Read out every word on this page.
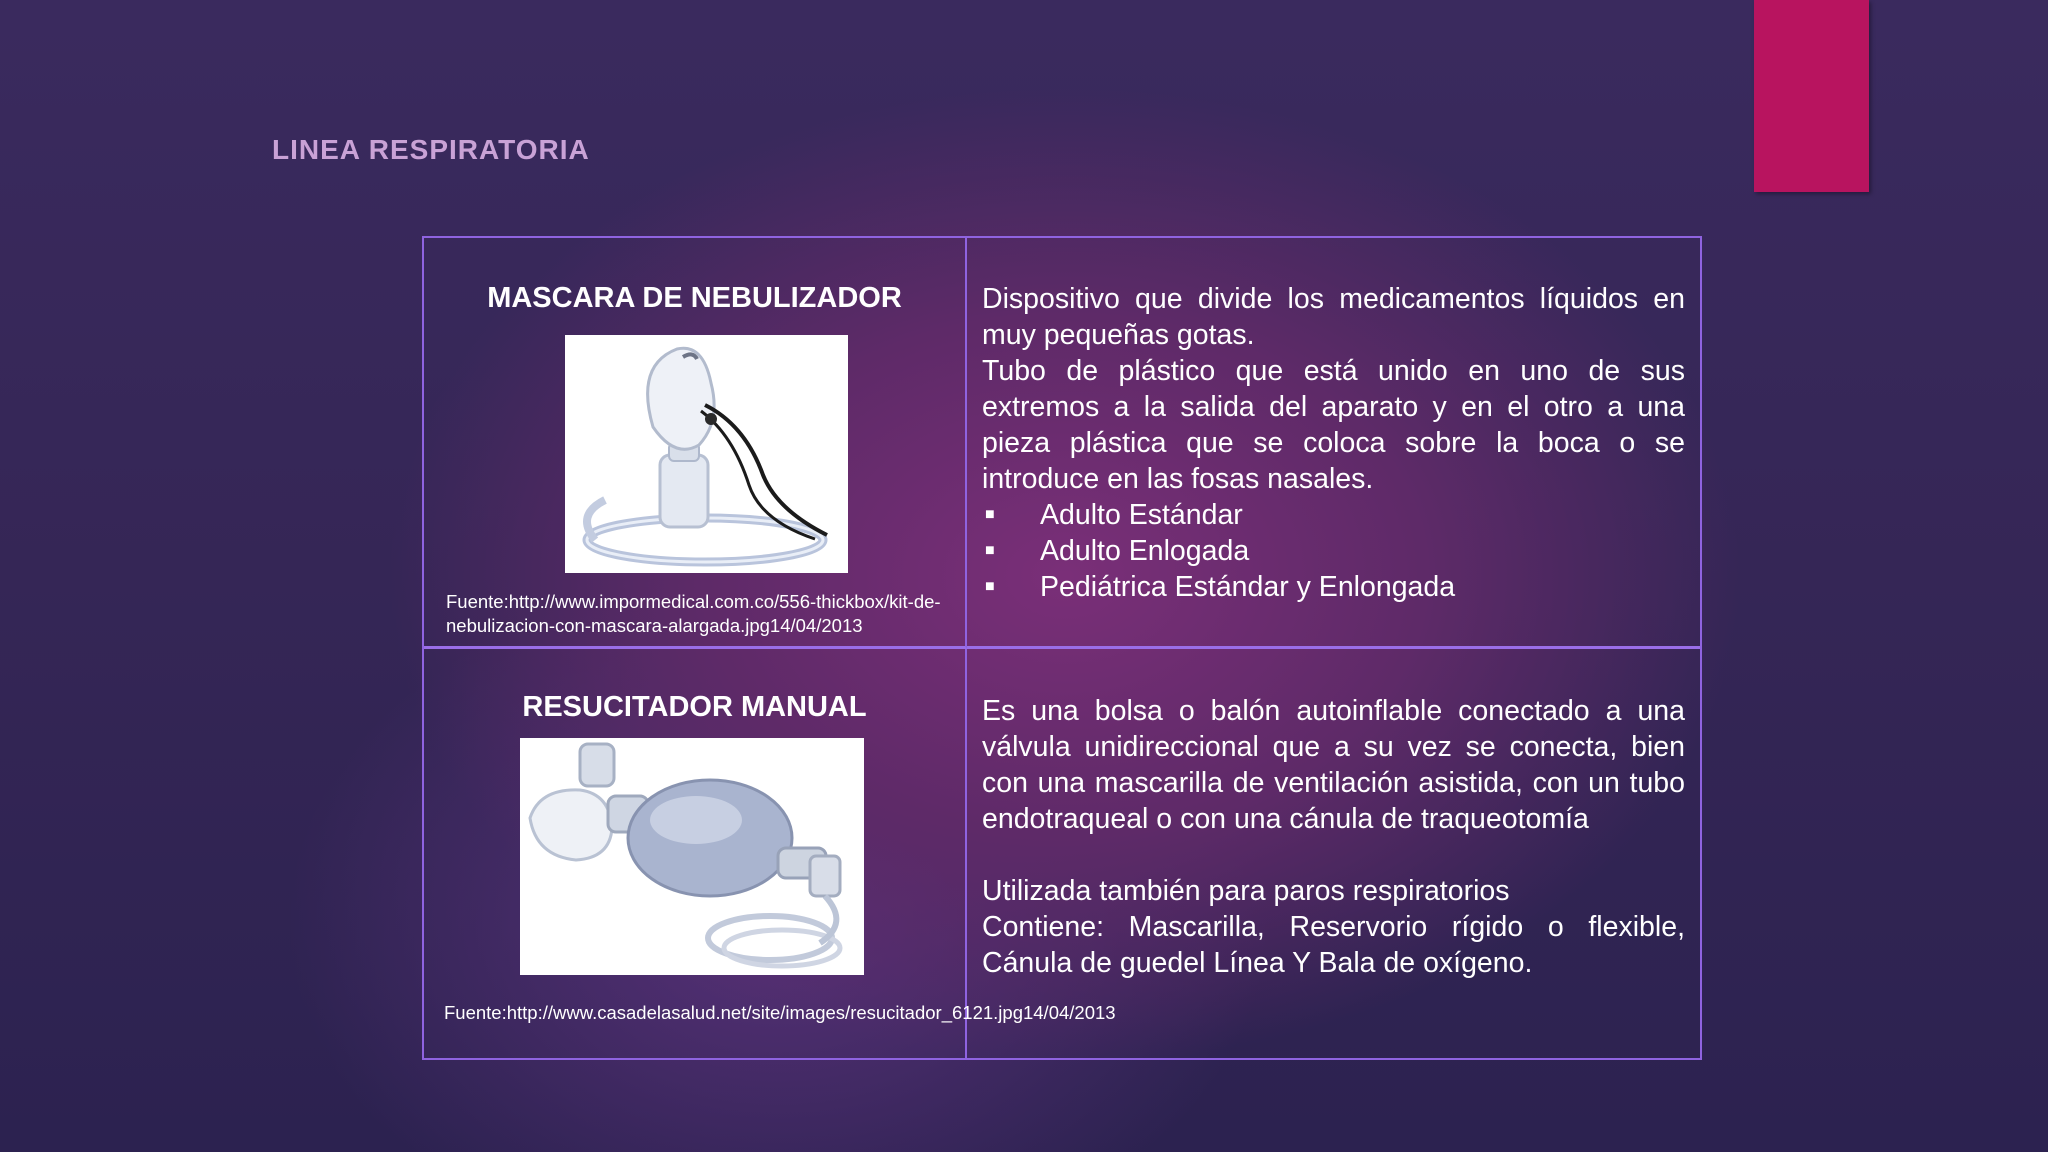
LINEA RESPIRATORIA
MASCARA DE NEBULIZADOR
Fuente:http://www.impormedical.com.co/556-thickbox/kit-de-nebulizacion-con-mascara-alargada.jpg14/04/2013

Dispositivo que divide los medicamentos líquidos en muy pequeñas gotas.

Tubo de plástico que está unido en uno de sus extremos a la salida del aparato y en el otro a una pieza plástica que se coloca sobre la boca o se introduce en las fosas nasales.

■ Adulto Estándar
■ Adulto Enlogada
■ Pediátrica Estándar y Enlongada
RESUCITADOR MANUAL
Fuente:http://www.casadelasalud.net/site/images/resucitador_6121.jpg14/04/2013

Es una bolsa o balón autoinflable conectado a una válvula unidireccional que a su vez se conecta, bien con una mascarilla de ventilación asistida, con un tubo endotraqueal o con una cánula de traqueotomía

Utilizada también para paros respiratorios

Contiene: Mascarilla, Reservorio rígido o flexible, Cánula de guedel Línea Y Bala de oxígeno.
